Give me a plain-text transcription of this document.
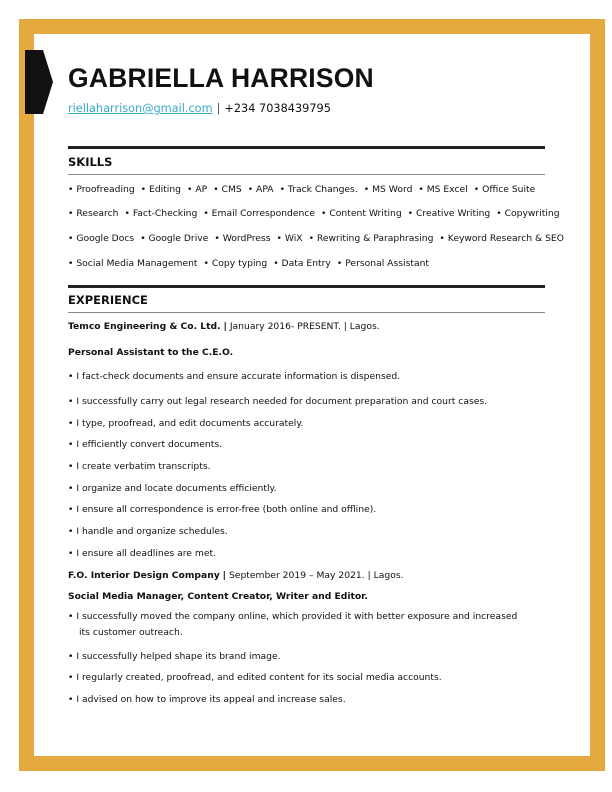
GABRIELLA HARRISON
riellaharrison@gmail.com | +234 7038439795
SKILLS
• Proofreading • Editing • AP • CMS • APA • Track Changes. • MS Word • MS Excel • Office Suite
• Research • Fact-Checking • Email Correspondence • Content Writing • Creative Writing • Copywriting
• Google Docs • Google Drive • WordPress • WiX • Rewriting & Paraphrasing • Keyword Research & SEO
• Social Media Management • Copy typing • Data Entry • Personal Assistant
EXPERIENCE
Temco Engineering & Co. Ltd. | January 2016- PRESENT. | Lagos.
Personal Assistant to the C.E.O.
• I fact-check documents and ensure accurate information is dispensed.
• I successfully carry out legal research needed for document preparation and court cases.
• I type, proofread, and edit documents accurately.
• I efficiently convert documents.
• I create verbatim transcripts.
• I organize and locate documents efficiently.
• I ensure all correspondence is error-free (both online and offline).
• I handle and organize schedules.
• I ensure all deadlines are met.
F.O. Interior Design Company | September 2019 – May 2021. | Lagos.
Social Media Manager, Content Creator, Writer and Editor.
• I successfully moved the company online, which provided it with better exposure and increased its customer outreach.
• I successfully helped shape its brand image.
• I regularly created, proofread, and edited content for its social media accounts.
• I advised on how to improve its appeal and increase sales.
